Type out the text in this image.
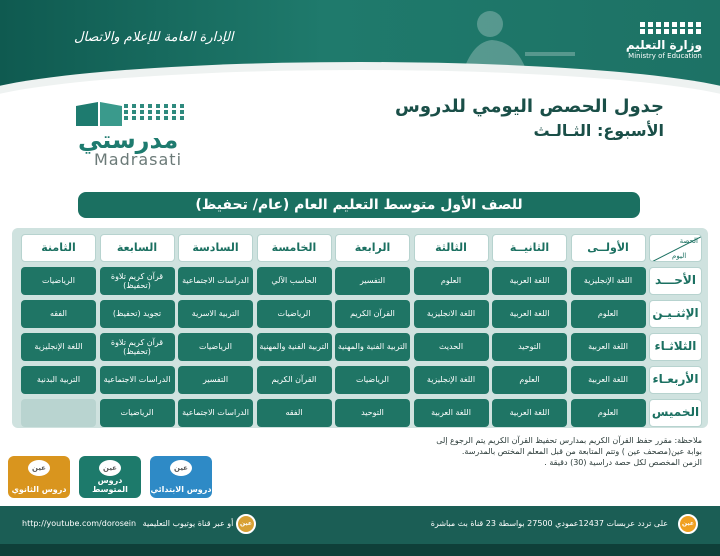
الإدارة العامة للإعلام والاتصال	وزارة التعليم
Ministry of Education
جدول الحصص اليومي للدروس
الأسبوع: الثـالـث
مدرستي
Madrasati
للصف الأول متوسط التعليم العام (عام/ تحفيظ)
الحصة
اليوم
الأولــى
الثانيــة
الثالثة
الرابعة
الخامسة
السادسة
السابعة
الثامنة
الأحـــد
اللغة الإنجليزية
اللغة العربية
العلوم
التفسير
الحاسب الآلي
الدراسات الاجتماعية
قرآن كريم تلاوة (تحفيظ)
الرياضيات
الإثنـيـن
العلوم
اللغة العربية
اللغة الانجليزية
القرآن الكريم
الرياضيات
التربية الاسرية
تجويد (تحفيظ)
الفقه
الثلاثـاء
اللغة العربية
التوحيد
الحديث
التربية الفنية والمهنية
التربية الفنية والمهنية
الرياضيات
قرآن كريم تلاوة (تحفيظ)
اللغة الإنجليزية
الأربعـاء
اللغة العربية
العلوم
اللغة الإنجليزية
الرياضيات
القرآن الكريم
التفسير
الدراسات الاجتماعية
التربية البدنية
الخميس
العلوم
اللغة العربية
اللغة العربية
التوحيد
الفقه
الدراسات الاجتماعية
الرياضيات
ملاحظة: مقرر حفظ القرآن الكريم بمدارس تحفيظ القرآن الكريم يتم الرجوع إلى
بوابة عين(مصحف عين ) وتتم المتابعة من قبل المعلم المختص بالمدرسة.
الزمن المخصص لكل حصة دراسية (30) دقيقة .
عين
دروس الابتدائي
عين
دروس المتوسط
عين
دروس الثانوي
عين
على تردد عربسات 12437عمودي 27500 بواسطة 23 قناة بث مباشرة
عين
http://youtube.com/dorosein أو عبر قناة يوتيوب التعليمية
